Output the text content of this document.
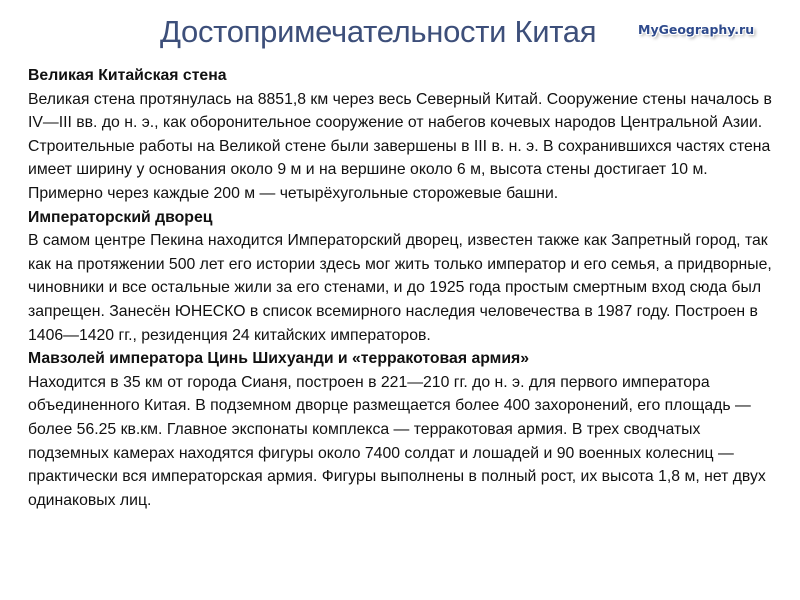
Достопримечательности Китая	MyGeography.ru

Великая Китайская стена

Великая стена протянулась на 8851,8 км через весь Северный Китай. Сооружение стены началось в IV—III вв. до н. э., как оборонительное сооружение от набегов кочевых народов Центральной Азии. Строительные работы на Великой стене были завершены в III в. н. э. В сохранившихся частях стена имеет ширину у основания около 9 м и на вершине около 6 м, высота стены достигает 10 м. Примерно через каждые 200 м — четырёхугольные сторожевые башни.

Императорский дворец

В самом центре Пекина находится Императорский дворец, известен также как Запретный город, так как на протяжении 500 лет его истории здесь мог жить только император и его семья, а придворные, чиновники и все остальные жили за его стенами, и до 1925 года простым смертным вход сюда был запрещен. Занесён ЮНЕСКО в список всемирного наследия человечества в 1987 году. Построен в 1406—1420 гг., резиденция 24 китайских императоров.

Мавзолей императора Цинь Шихуанди и «терракотовая армия»

Находится в 35 км от города Сианя, построен в 221—210 гг. до н. э. для первого императора объединенного Китая. В подземном дворце размещается более 400 захоронений, его площадь — более 56.25 кв.км. Главное экспонаты комплекса — терракотовая армия. В трех сводчатых подземных камерах находятся фигуры около 7400 солдат и лошадей и 90 военных колесниц — практически вся императорская армия. Фигуры выполнены в полный рост, их высота 1,8 м, нет двух одинаковых лиц.
